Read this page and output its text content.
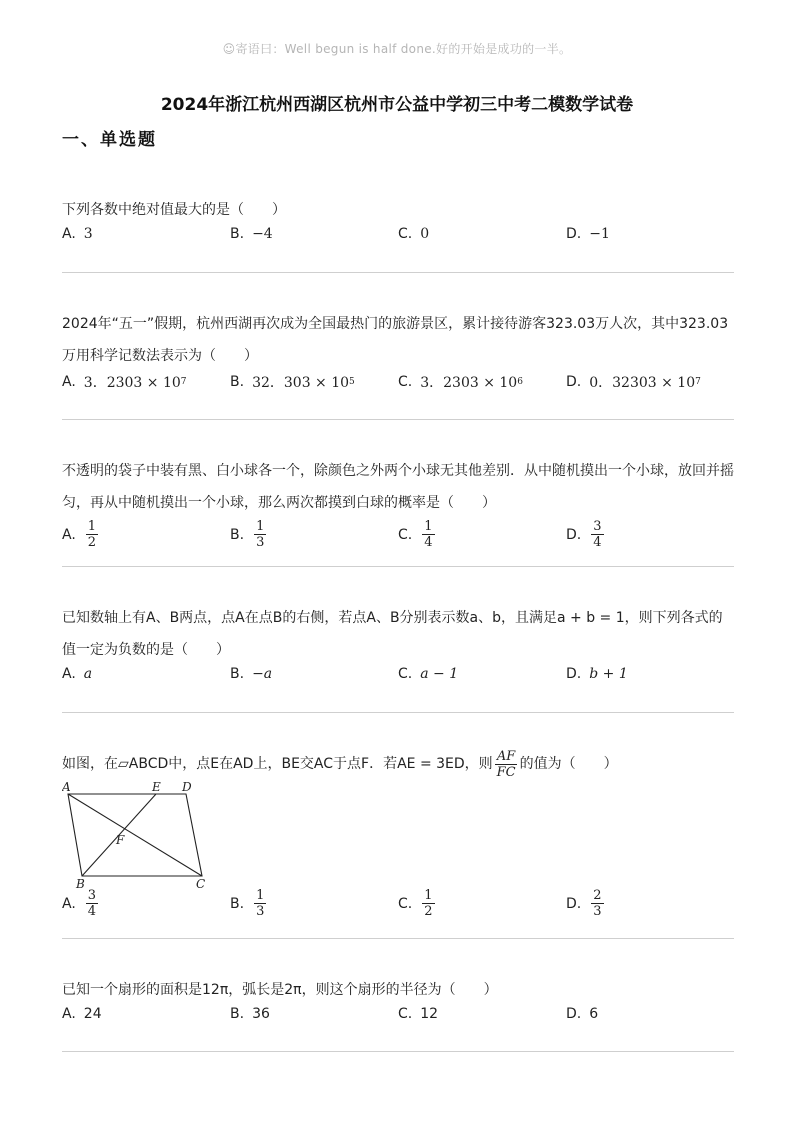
☺寄语曰：Well begun is half done.好的开始是成功的一半。
2024年浙江杭州西湖区杭州市公益中学初三中考二模数学试卷
一、单选题
下列各数中绝对值最大的是（　　）
A. 3	B. −4	C. 0	D. −1
2024年“五一”假期，杭州西湖再次成为全国最热门的旅游景区，累计接待游客323.03万人次，其中323.03
万用科学记数法表示为（　　）
A. 3．2303 × 10 7	B. 32．303 × 10 5	C. 3．2303 × 10 6	D. 0．32303 × 10 7
不透明的袋子中装有黑、白小球各一个，除颜色之外两个小球无其他差别．从中随机摸出一个小球，放回并摇
匀，再从中随机摸出一个小球，那么两次都摸到白球的概率是（　　）
A. $\frac{1}{2}$	B. $\frac{1}{3}$	C. $\frac{1}{4}$	D. $\frac{3}{4}$
已知数轴上有A、B两点，点A在点B的右侧，若点A、B分别表示数a、b，且满足a + b = 1，则下列各式的
值一定为负数的是（　　）
A. a	B. −a	C. a − 1	D. b + 1
如图，在▱ABCD中，点E在AD上，BE交AC于点F．若AE = 3ED，则 $\frac{AF}{FC}$ 的值为（　　）
A	E D
F
B	C
A. $\frac{3}{4}$	B. $\frac{1}{3}$	C. $\frac{1}{2}$	D. $\frac{2}{3}$
已知一个扇形的面积是12π，弧长是2π，则这个扇形的半径为（　　）
A. 24	B. 36	C. 12	D. 6
